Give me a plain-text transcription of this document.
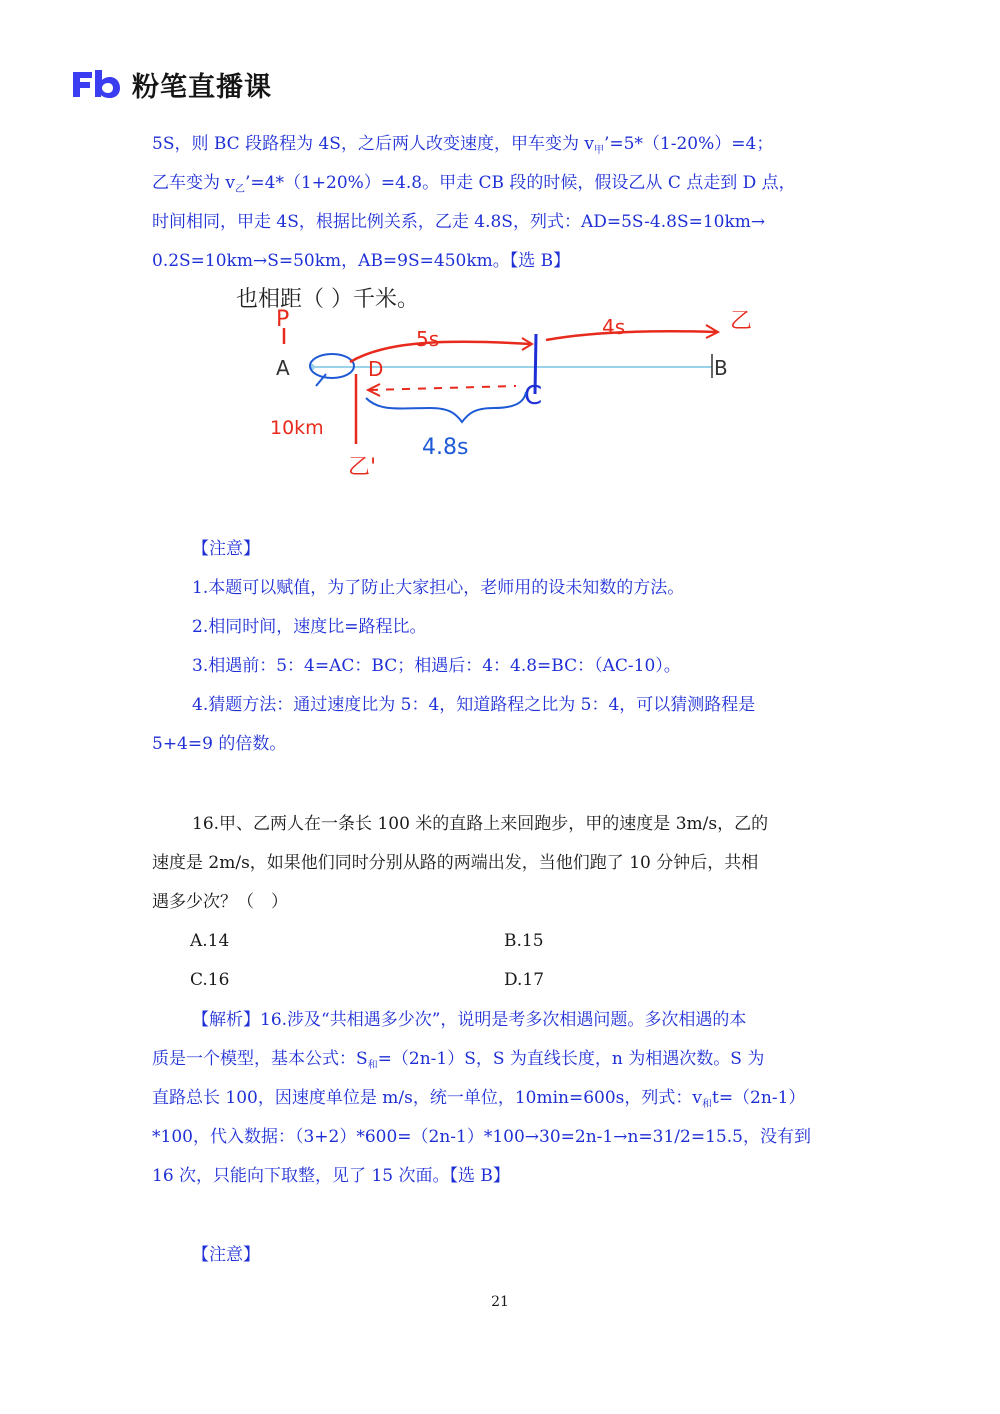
粉笔直播课
5S，则 BC 段路程为 4S，之后两人改变速度，甲车变为 $v_甲’=5*(1-20\%)=4$；
乙车变为 $v_乙’=4*(1+20\%)=4.8$。甲走 CB 段的时候，假设乙从 C 点走到 D 点，
时间相同，甲走 4S，根据比例关系，乙走 4.8S，列式：AD=5S-4.8S=10km→
0.2S=10km→S=50km，AB=9S=450km。【选 B】
也相距（ ）千米。
A	B
P
C
5s	4s	乙
D
乙'
4.8s
10km
【注意】
1.本题可以赋值，为了防止大家担心，老师用的设未知数的方法。
2.相同时间，速度比=路程比。
3.相遇前：5：4=AC：BC；相遇后：4：4.8=BC：（AC-10）。
4.猜题方法：通过速度比为 5：4，知道路程之比为 5：4，可以猜测路程是
5+4=9 的倍数。
16.甲、乙两人在一条长 100 米的直路上来回跑步，甲的速度是 3m/s，乙的
速度是 2m/s，如果他们同时分别从路的两端出发，当他们跑了 10 分钟后，共相
遇多少次？（　）
A.14	B.15
C.16	D.17
【解析】16.涉及“共相遇多少次”，说明是考多次相遇问题。多次相遇的本
质是一个模型，基本公式：$S_和=(2n-1)S$，S 为直线长度，n 为相遇次数。S 为
直路总长 100，因速度单位是 m/s，统一单位，10min=600s，列式：$v_和t=(2n-1)$
*100，代入数据：（3+2）*600=（2n-1）*100→30=2n-1→n=31/2=15.5，没有到
16 次，只能向下取整，见了 15 次面。【选 B】
【注意】
21
